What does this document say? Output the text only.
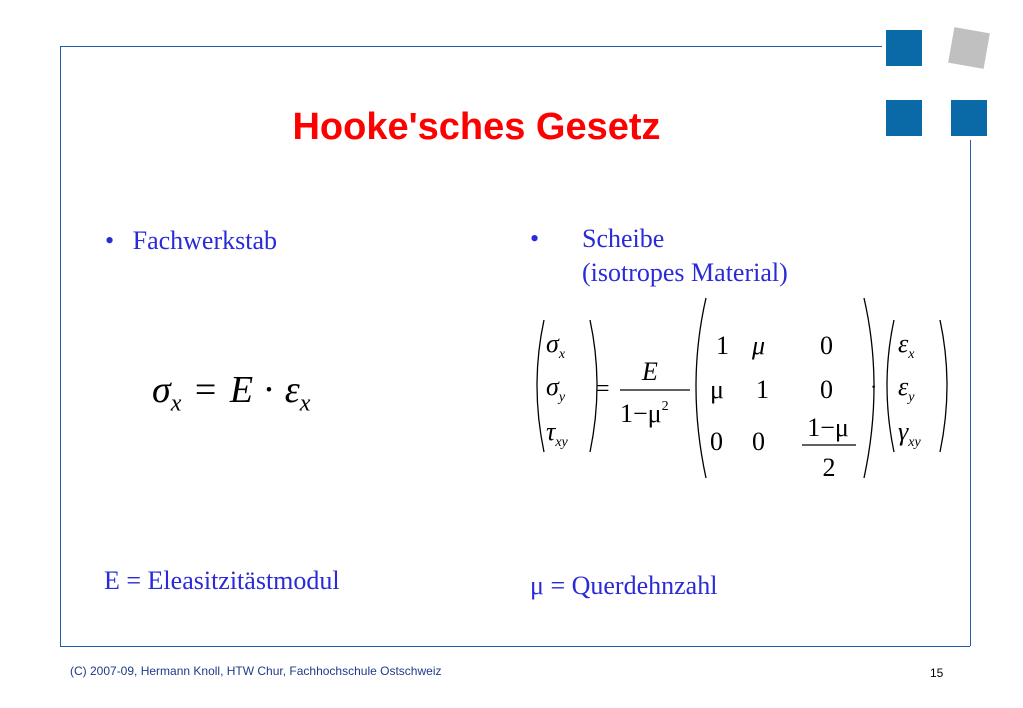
Hooke'sches Gesetz
• Fachwerkstab
$\sigma_x = E \cdot \varepsilon_x$
E = Eleasitzitästmodul
• Scheibe
(isotropes Material)
$\sigma_x$
$\sigma_y$
$\tau_{xy}$
=
E
$1-\mu^2$
1 μ 0
μ 1 0
0 0 1−μ
2
·
$\varepsilon_x$
$\varepsilon_y$
$\gamma_{xy}$
μ = Querdehnzahl
(C) 2007-09, Hermann Knoll, HTW Chur, Fachhochschule Ostschweiz	15
